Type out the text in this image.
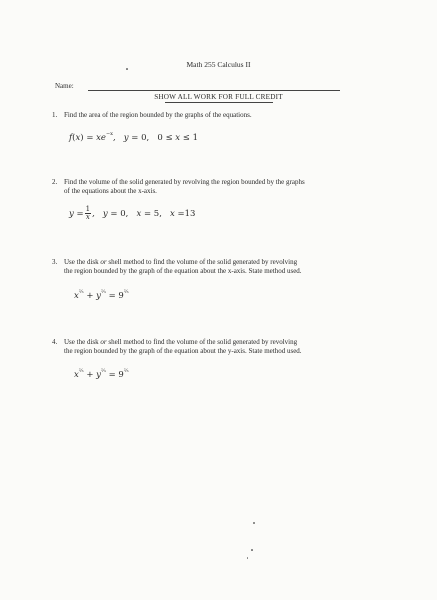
Math 255 Calculus II
Name:
SHOW ALL WORK FOR FULL CREDIT
1. Find the area of the region bounded by the graphs of the equations.
$f(x) = xe^{-x}$,   y = 0, 0 ≤ x ≤ 1
2. Find the volume of the solid generated by revolving the region bounded by the graphs
of the equations about the x-axis.
$y = \frac{1}{x}$ ,   y = 0,   x = 5,   x =13
3. Use the disk or shell method to find the volume of the solid generated by revolving
the region bounded by the graph of the equation about the x-axis. State method used.
$x^{\frac{2}{3}} + y^{\frac{2}{3}} = 9^{\frac{2}{3}}$
4. Use the disk or shell method to find the volume of the solid generated by revolving
the region bounded by the graph of the equation about the y-axis. State method used.
$x^{\frac{2}{3}} + y^{\frac{2}{3}} = 9^{\frac{2}{3}}$
